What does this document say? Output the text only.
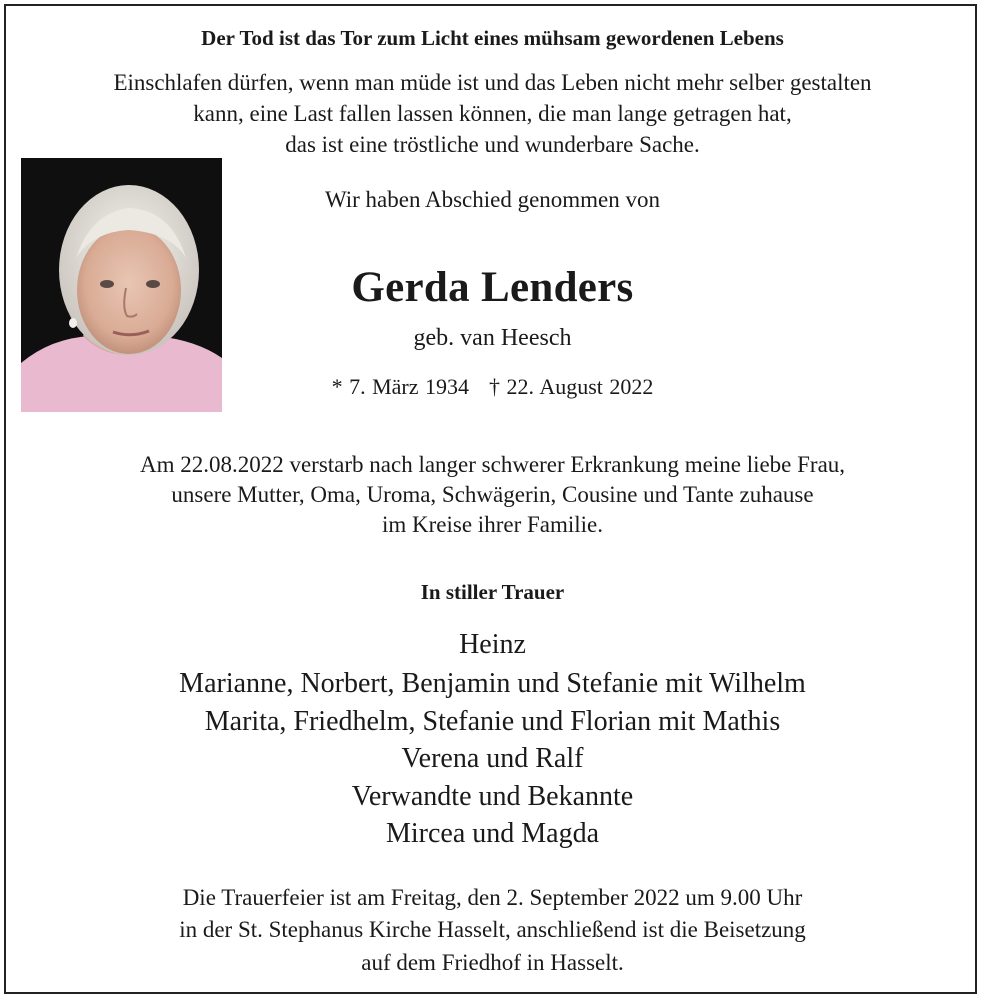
Der Tod ist das Tor zum Licht eines mühsam gewordenen Lebens
Einschlafen dürfen, wenn man müde ist und das Leben nicht mehr selber gestalten
kann, eine Last fallen lassen können, die man lange getragen hat,
das ist eine tröstliche und wunderbare Sache.
Wir haben Abschied genommen von
Gerda Lenders
geb. van Heesch
* 7. März 1934 † 22. August 2022
Am 22.08.2022 verstarb nach langer schwerer Erkrankung meine liebe Frau,
unsere Mutter, Oma, Uroma, Schwägerin, Cousine und Tante zuhause
im Kreise ihrer Familie.
In stiller Trauer
Heinz
Marianne, Norbert, Benjamin und Stefanie mit Wilhelm
Marita, Friedhelm, Stefanie und Florian mit Mathis
Verena und Ralf
Verwandte und Bekannte
Mircea und Magda
Die Trauerfeier ist am Freitag, den 2. September 2022 um 9.00 Uhr
in der St. Stephanus Kirche Hasselt, anschließend ist die Beisetzung
auf dem Friedhof in Hasselt.
